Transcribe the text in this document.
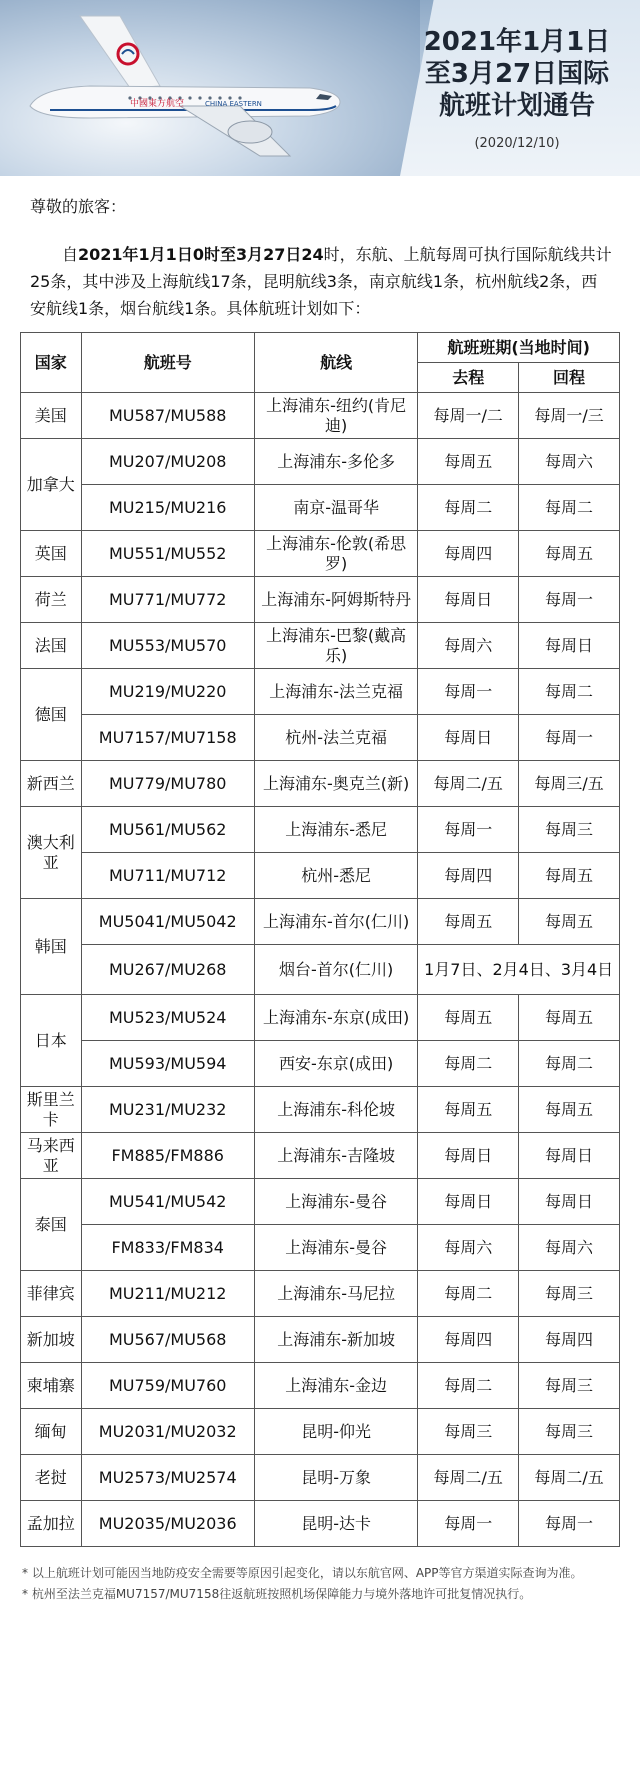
中國東方航空	CHINA EASTERN
2021年1月1日
至3月27日国际
航班计划通告
(2020/12/10)
尊敬的旅客：
自2021年1月1日0时至3月27日24时，东航、上航每周可执行国际航线共计25条，其中涉及上海航线17条，昆明航线3条，南京航线1条，杭州航线2条，西安航线1条，烟台航线1条。具体航班计划如下：
国家	航班号	航线	航班班期(当地时间)	
			去程	回程
美国	MU587/MU588	上海浦东-纽约(肯尼迪)	每周一/二	每周一/三
加拿大	MU207/MU208	上海浦东-多伦多	每周五	每周六
	MU215/MU216	南京-温哥华	每周二	每周二
英国	MU551/MU552	上海浦东-伦敦(希思罗)	每周四	每周五
荷兰	MU771/MU772	上海浦东-阿姆斯特丹	每周日	每周一
法国	MU553/MU570	上海浦东-巴黎(戴高乐)	每周六	每周日
德国	MU219/MU220	上海浦东-法兰克福	每周一	每周二
	MU7157/MU7158	杭州-法兰克福	每周日	每周一
新西兰	MU779/MU780	上海浦东-奥克兰(新)	每周二/五	每周三/五
澳大利亚	MU561/MU562	上海浦东-悉尼	每周一	每周三
	MU711/MU712	杭州-悉尼	每周四	每周五
韩国	MU5041/MU5042	上海浦东-首尔(仁川)	每周五	每周五
	MU267/MU268	烟台-首尔(仁川)	1月7日、2月4日、3月4日	
日本	MU523/MU524	上海浦东-东京(成田)	每周五	每周五
	MU593/MU594	西安-东京(成田)	每周二	每周二
斯里兰卡	MU231/MU232	上海浦东-科伦坡	每周五	每周五
马来西亚	FM885/FM886	上海浦东-吉隆坡	每周日	每周日
泰国	MU541/MU542	上海浦东-曼谷	每周日	每周日
	FM833/FM834	上海浦东-曼谷	每周六	每周六
菲律宾	MU211/MU212	上海浦东-马尼拉	每周二	每周三
新加坡	MU567/MU568	上海浦东-新加坡	每周四	每周四
柬埔寨	MU759/MU760	上海浦东-金边	每周二	每周三
缅甸	MU2031/MU2032	昆明-仰光	每周三	每周三
老挝	MU2573/MU2574	昆明-万象	每周二/五	每周二/五
孟加拉	MU2035/MU2036	昆明-达卡	每周一	每周一

* 以上航班计划可能因当地防疫安全需要等原因引起变化，请以东航官网、APP等官方渠道实际查询为准。

* 杭州至法兰克福MU7157/MU7158往返航班按照机场保障能力与境外落地许可批复情况执行。
